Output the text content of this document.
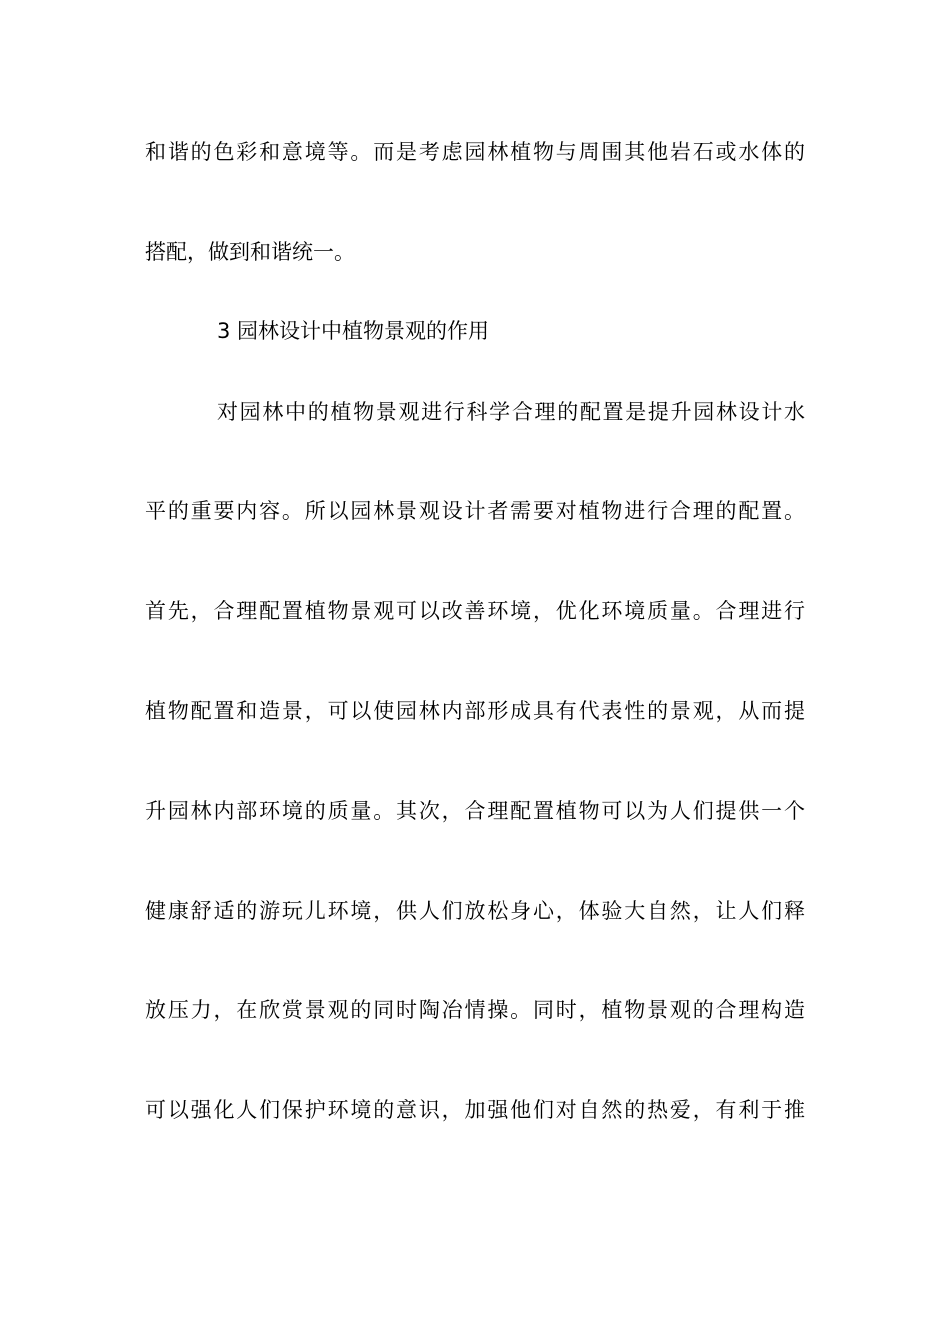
和谐的色彩和意境等。而是考虑园林植物与周围其他岩石或水体的
搭配，做到和谐统一。
3 园林设计中植物景观的作用
对园林中的植物景观进行科学合理的配置是提升园林设计水
平的重要内容。所以园林景观设计者需要对植物进行合理的配置。
首先，合理配置植物景观可以改善环境，优化环境质量。合理进行
植物配置和造景，可以使园林内部形成具有代表性的景观，从而提
升园林内部环境的质量。其次，合理配置植物可以为人们提供一个
健康舒适的游玩儿环境，供人们放松身心，体验大自然，让人们释
放压力，在欣赏景观的同时陶冶情操。同时，植物景观的合理构造
可以强化人们保护环境的意识，加强他们对自然的热爱，有利于推
